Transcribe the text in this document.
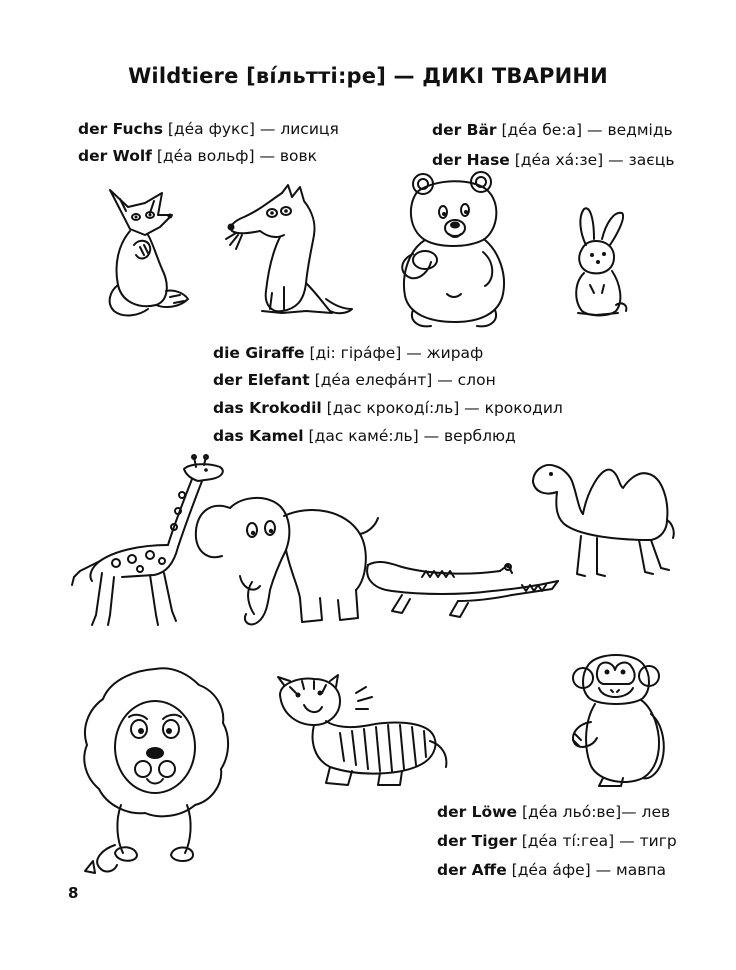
Wildtiere [вíльтті:ре] — ДИКІ ТВАРИНИ
der Fuchs [дéа фукс] — лисиця
der Wolf [дéа вольф] — вовк
der Bär [дéа бе:а] — ведмідь
der Hase [дéа хá:зе] — заєць
die Giraffe [ді: гірáфе] — жираф
der Elefant [дéа елефáнт] — слон
das Krokodil [дас крокодí:ль] — крокодил
das Kamel [дас камé:ль] — верблюд
der Löwe [дéа льó:ве]— лев
der Tiger [дéа тí:геа] — тигр
der Affe [дéа áфе] — мавпа
8
